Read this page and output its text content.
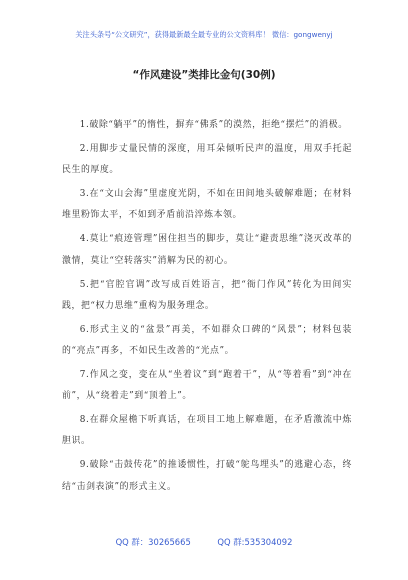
关注头条号“公文研究”，获得最新最全最专业的公文资料库！ 微信：gongwenyj
“作风建设”类排比金句(30例)

1.破除“躺平”的惰性，摒弃“佛系”的漠然，拒绝“摆烂”的消极。

2.用脚步丈量民情的深度，用耳朵倾听民声的温度，用双手托起民生的厚度。

3.在“文山会海”里虚度光阴，不如在田间地头破解难题；在材料堆里粉饰太平，不如到矛盾前沿淬炼本领。

4.莫让“痕迹管理”困住担当的脚步，莫让“避责思维”浇灭改革的激情，莫让“空转落实”消解为民的初心。

5.把“官腔官调”改写成百姓语言，把“衙门作风”转化为田间实践，把“权力思维”重构为服务理念。

6.形式主义的“盆景”再美，不如群众口碑的“风景”；材料包装的“亮点”再多，不如民生改善的“光点”。

7.作风之变，变在从“坐着议”到“跑着干”，从“等着看”到“冲在前”，从“绕着走”到“顶着上”。

8.在群众屋檐下听真话，在项目工地上解难题，在矛盾激流中炼胆识。

9.破除“击鼓传花”的推诿惯性，打破“鸵鸟埋头”的逃避心态，终结“击剑表演”的形式主义。

QQ 群：30265665	QQ 群:535304092
